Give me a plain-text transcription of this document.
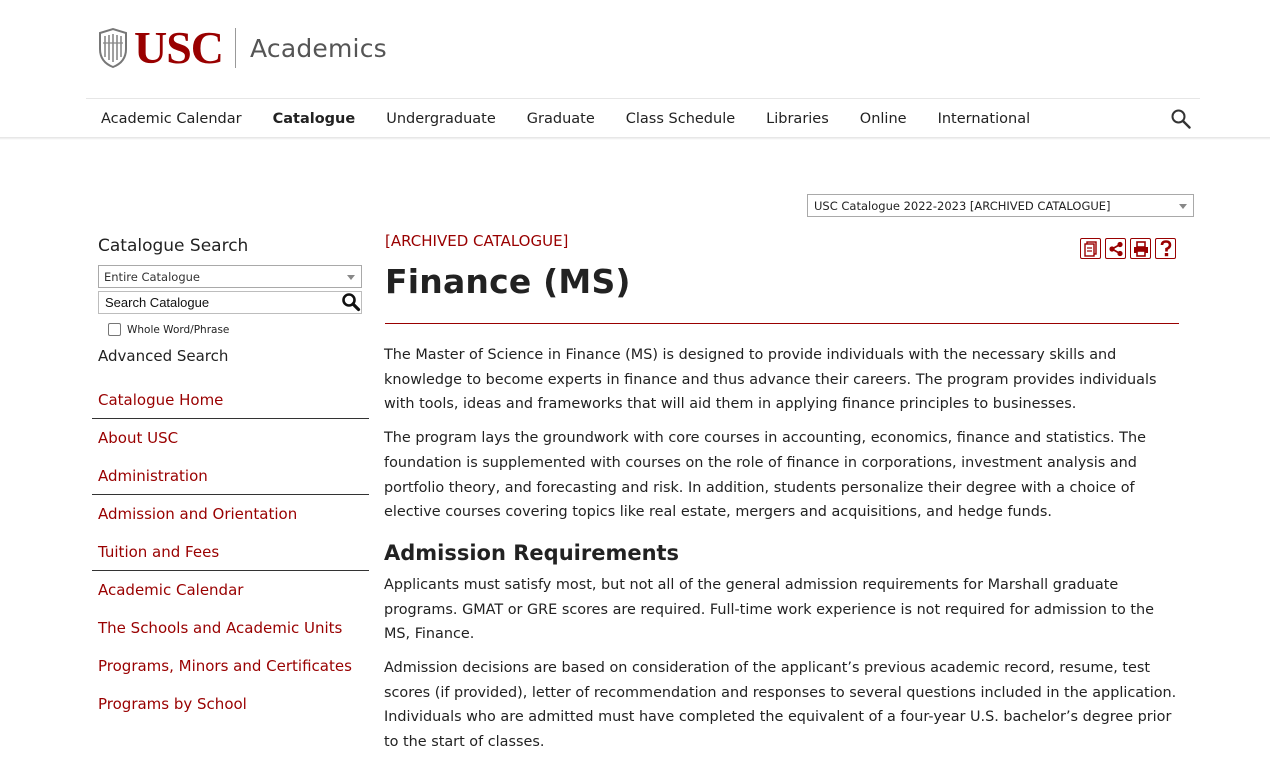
USC Academics
Academic Calendar Catalogue Undergraduate Graduate Class Schedule Libraries Online International
USC Catalogue 2022-2023 [ARCHIVED CATALOGUE]
Catalogue Search
Entire Catalogue
Search Catalogue
Whole Word/Phrase
Advanced Search
Catalogue Home
About USC
Administration
Admission and Orientation
Tuition and Fees
Academic Calendar
The Schools and Academic Units
Programs, Minors and Certificates
Programs by School
[ARCHIVED CATALOGUE]
Finance (MS)

The Master of Science in Finance (MS) is designed to provide individuals with the necessary skills and knowledge to become experts in finance and thus advance their careers. The program provides individuals with tools, ideas and frameworks that will aid them in applying finance principles to businesses.

The program lays the groundwork with core courses in accounting, economics, finance and statistics. The foundation is supplemented with courses on the role of finance in corporations, investment analysis and portfolio theory, and forecasting and risk. In addition, students personalize their degree with a choice of elective courses covering topics like real estate, mergers and acquisitions, and hedge funds.

Admission Requirements

Applicants must satisfy most, but not all of the general admission requirements for Marshall graduate programs. GMAT or GRE scores are required. Full-time work experience is not required for admission to the MS, Finance.

Admission decisions are based on consideration of the applicant’s previous academic record, resume, test scores (if provided), letter of recommendation and responses to several questions included in the application. Individuals who are admitted must have completed the equivalent of a four-year U.S. bachelor’s degree prior to the start of classes.
